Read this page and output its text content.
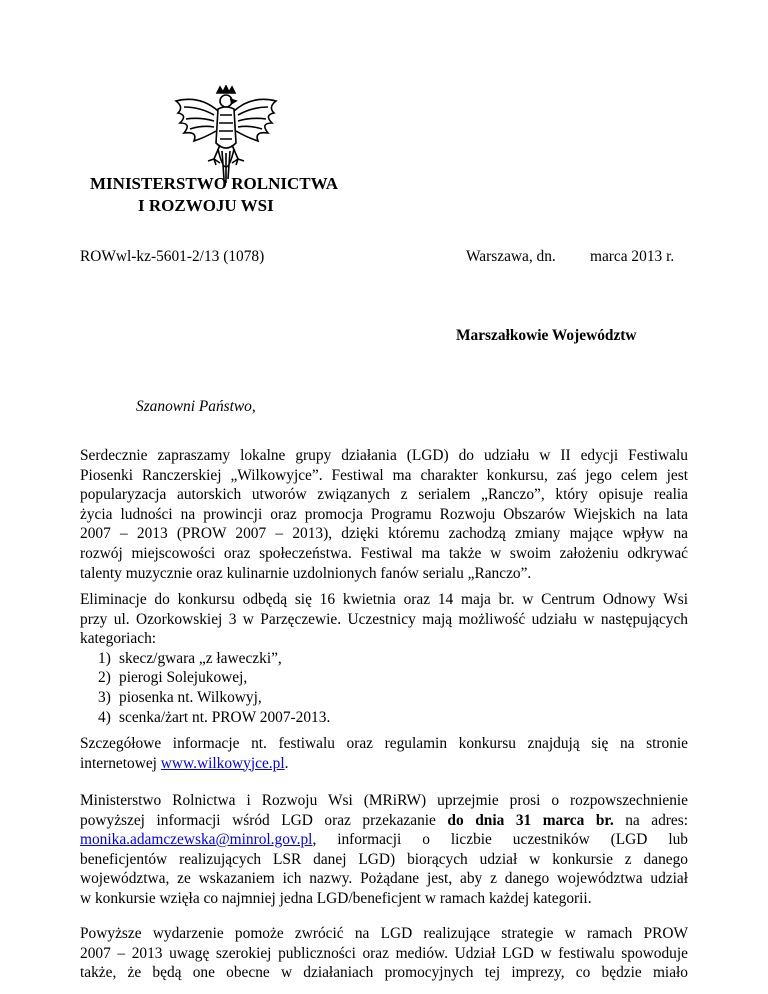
MINISTERSTWO ROLNICTWA
I ROZWOJU WSI
ROWwl-kz-5601-2/13 (1078)	Warszawa, dn. marca 2013 r.
Marszałkowie Województw
Szanowni Państwo,
Serdecznie zapraszamy lokalne grupy działania (LGD) do udziału w II edycji Festiwalu
Piosenki Ranczerskiej „Wilkowyjce”. Festiwal ma charakter konkursu, zaś jego celem jest
popularyzacja autorskich utworów związanych z serialem „Ranczo”, który opisuje realia
życia ludności na prowincji oraz promocja Programu Rozwoju Obszarów Wiejskich na lata
2007 – 2013 (PROW 2007 – 2013), dzięki któremu zachodzą zmiany mające wpływ na
rozwój miejscowości oraz społeczeństwa. Festiwal ma także w swoim założeniu odkrywać
talenty muzycznie oraz kulinarnie uzdolnionych fanów serialu „Ranczo”.
Eliminacje do konkursu odbędą się 16 kwietnia oraz 14 maja br. w Centrum Odnowy Wsi
przy ul. Ozorkowskiej 3 w Parzęczewie. Uczestnicy mają możliwość udziału w następujących
kategoriach:
1) skecz/gwara „z ławeczki”,
2) pierogi Solejukowej,
3) piosenka nt. Wilkowyj,
4) scenka/żart nt. PROW 2007-2013.
Szczegółowe informacje nt. festiwalu oraz regulamin konkursu znajdują się na stronie
internetowej www.wilkowyjce.pl.
Ministerstwo Rolnictwa i Rozwoju Wsi (MRiRW) uprzejmie prosi o rozpowszechnienie
powyższej informacji wśród LGD oraz przekazanie do dnia 31 marca br. na adres:
monika.adamczewska@minrol.gov.pl, informacji o liczbie uczestników (LGD lub
beneficjentów realizujących LSR danej LGD) biorących udział w konkursie z danego
województwa, ze wskazaniem ich nazwy. Pożądane jest, aby z danego województwa udział
w konkursie wzięła co najmniej jedna LGD/beneficjent w ramach każdej kategorii.
Powyższe wydarzenie pomoże zwrócić na LGD realizujące strategie w ramach PROW
2007 – 2013 uwagę szerokiej publiczności oraz mediów. Udział LGD w festiwalu spowoduje
także, że będą one obecne w działaniach promocyjnych tej imprezy, co będzie miało
